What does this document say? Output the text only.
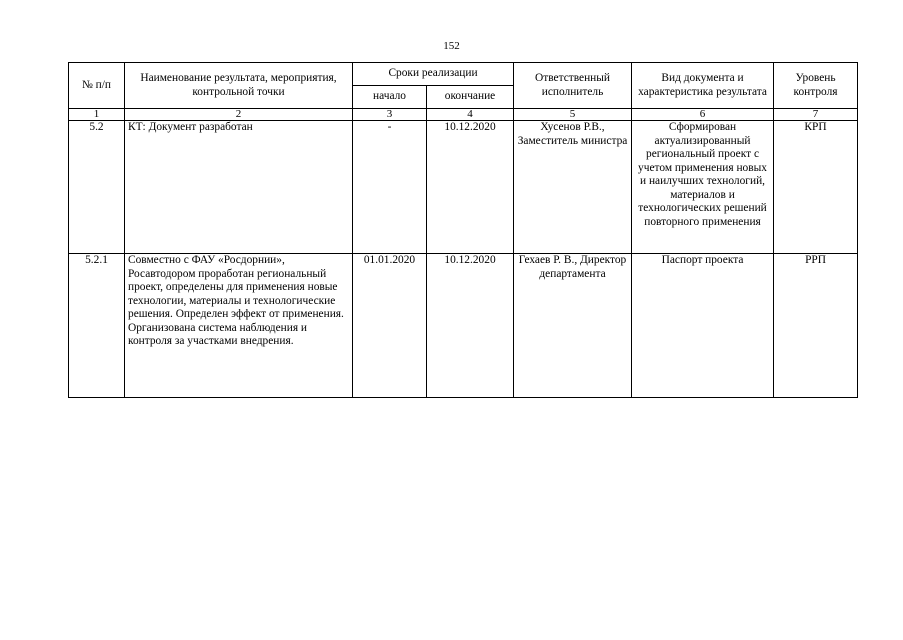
152
№ п/п	Наименование результата, мероприятия, контрольной точки	Сроки реализации		Ответственный исполнитель	Вид документа и характеристика результата	Уровень контроля
		начало	окончание			
1	2	3	4	5	6	7
5.2	КТ: Документ разработан	-	10.12.2020	Хусенов Р.В., Заместитель министра	Сформирован актуализированный региональный проект с учетом применения новых и наилучших технологий, материалов и технологических решений повторного применения	КРП
5.2.1	Совместно с ФАУ «Росдорнии», Росавтодором проработан региональный проект, определены для применения новые технологии, материалы и технологические решения. Определен эффект от применения. Организована система наблюдения и контроля за участками внедрения.	01.01.2020	10.12.2020	Гехаев Р. В., Директор департамента	Паспорт проекта	РРП
